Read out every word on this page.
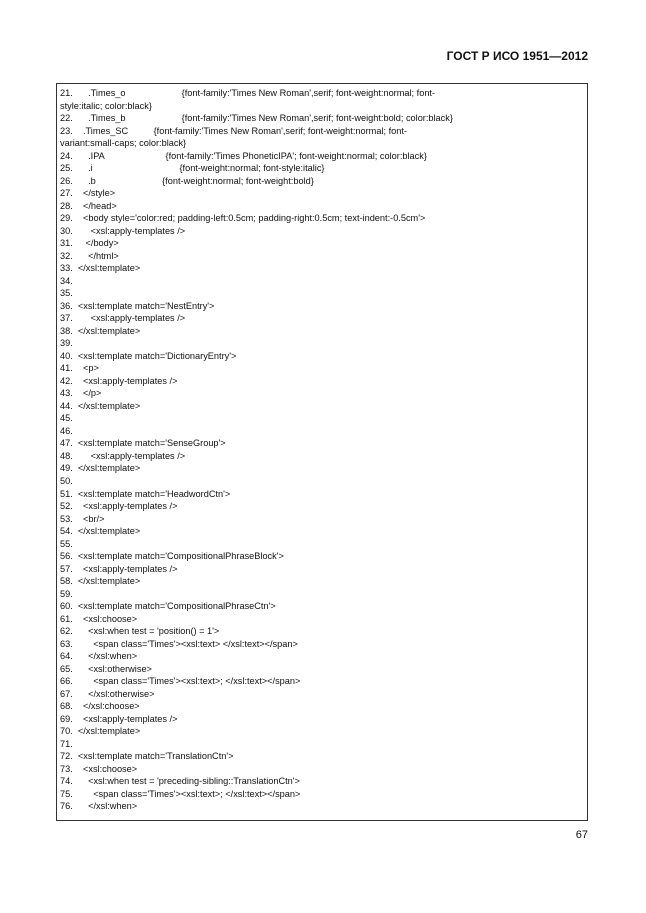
ГОСТ Р ИСО 1951—2012
21.      .Times_o                      {font-family:'Times New Roman',serif; font-weight:normal; font-
style:italic; color:black}
22.      .Times_b                      {font-family:'Times New Roman',serif; font-weight:bold; color:black}
23.    .Times_SC          {font-family:'Times New Roman',serif; font-weight:normal; font-
variant:small-caps; color:black}
24.      .IPA                        {font-family:'Times PhoneticIPA'; font-weight:normal; color:black}
25.      .i                                  {font-weight:normal; font-style:italic}
26.      .b                          {font-weight:normal; font-weight:bold}
27.    </style>
28.    </head>
29.    <body style='color:red; padding-left:0.5cm; padding-right:0.5cm; text-indent:-0.5cm'>
30.       <xsl:apply-templates />
31.     </body>
32.      </html>
33.  </xsl:template>
34.
35.
36.  <xsl:template match='NestEntry'>
37.       <xsl:apply-templates />
38.  </xsl:template>
39.
40.  <xsl:template match='DictionaryEntry'>
41.    <p>
42.    <xsl:apply-templates />
43.    </p>
44.  </xsl:template>
45.
46.
47.  <xsl:template match='SenseGroup'>
48.       <xsl:apply-templates />
49.  </xsl:template>
50.
51.  <xsl:template match='HeadwordCtn'>
52.    <xsl:apply-templates />
53.    <br/>
54.  </xsl:template>
55.
56.  <xsl:template match='CompositionalPhraseBlock'>
57.    <xsl:apply-templates />
58.  </xsl:template>
59.
60.  <xsl:template match='CompositionalPhraseCtn'>
61.    <xsl:choose>
62.      <xsl:when test = 'position() = 1'>
63.        <span class='Times'><xsl:text> </xsl:text></span>
64.      </xsl:when>
65.      <xsl:otherwise>
66.        <span class='Times'><xsl:text>; </xsl:text></span>
67.      </xsl:otherwise>
68.    </xsl:choose>
69.    <xsl:apply-templates />
70.  </xsl:template>
71.
72.  <xsl:template match='TranslationCtn'>
73.    <xsl:choose>
74.      <xsl:when test = 'preceding-sibling::TranslationCtn'>
75.        <span class='Times'><xsl:text>; </xsl:text></span>
76.      </xsl:when>
67
